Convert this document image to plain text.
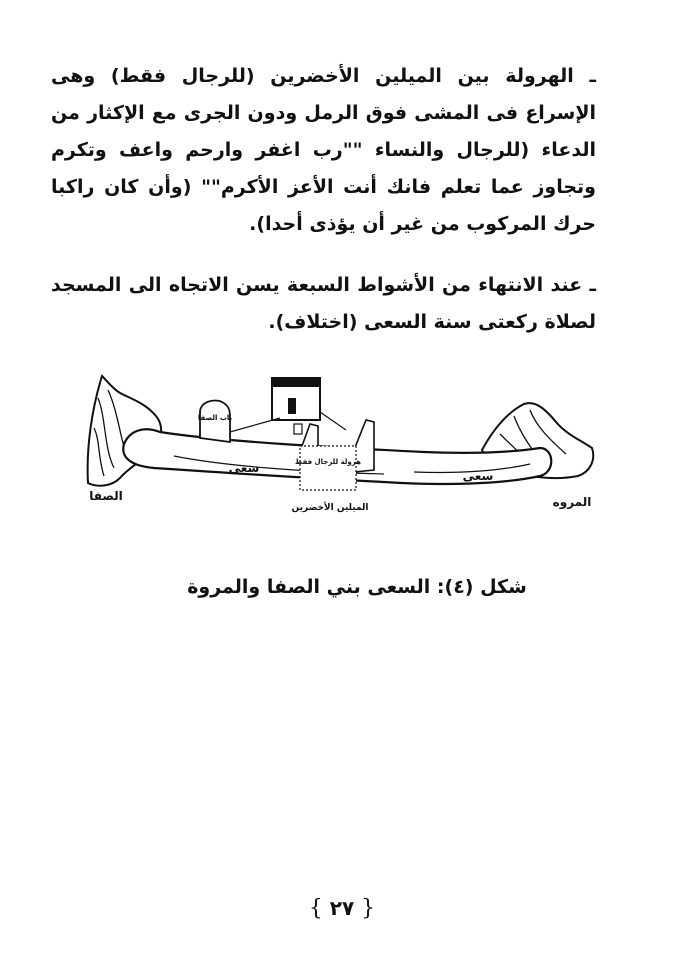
ـ الهرولة بين الميلين الأخضرين (للرجال فقط) وهى الإسراع فى المشى فوق الرمل ودون الجرى مع الإكثار من الدعاء (للرجال والنساء ""رب اغفر وارحم واعف وتكرم وتجاوز عما تعلم فانك أنت الأعز الأكرم"" (وأن كان راكبا حرك المركوب من غير أن يؤذى أحدا).

ـ عند الانتهاء من الأشواط السبعة يسن الاتجاه الى المسجد لصلاة ركعتى سنة السعى (اختلاف).

باب الصفا
هرولة للرجال فقط
سعى
سعى
الصفا	المروه
الميلين الأخضرين

شكل (٤): السعى بني الصفا والمروة

{ ٢٧ }
